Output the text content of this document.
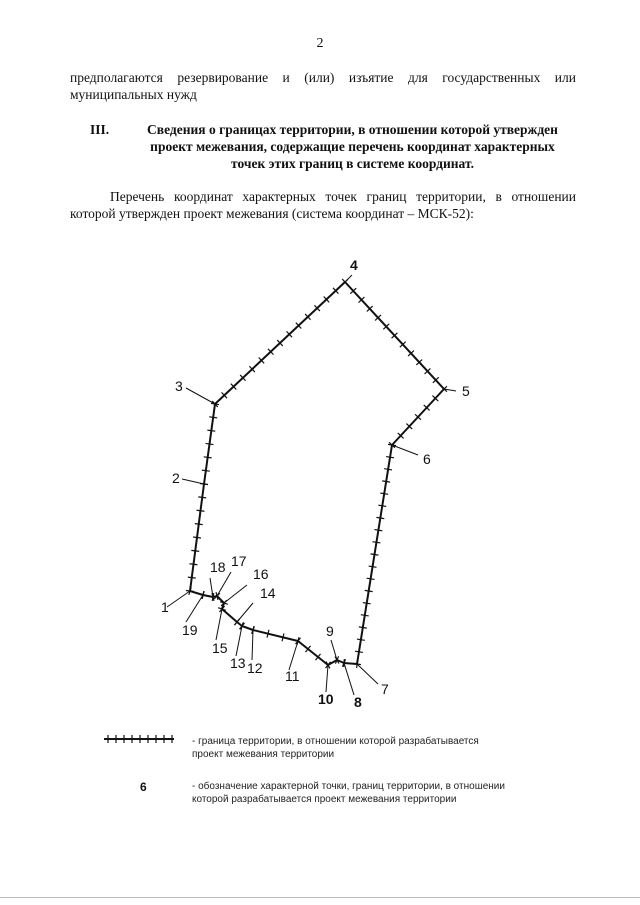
2
предполагаются резервирование и (или) изъятие для государственных или
муниципальных нужд
III.	Сведения о границах территории, в отношении которой утвержден
проект межевания, содержащие перечень координат характерных
точек этих границ в системе координат.
Перечень координат характерных точек границ территории, в отношении
которой утвержден проект межевания (система координат – МСК-52):
1
2
3
4
5
6
7
8
9
10
11
12
13
14
15
16
17
18
19
- граница территории, в отношении которой разрабатывается
проект межевания территории
6	- обозначение характерной точки, границ территории, в отношении
которой разрабатывается проект межевания территории
